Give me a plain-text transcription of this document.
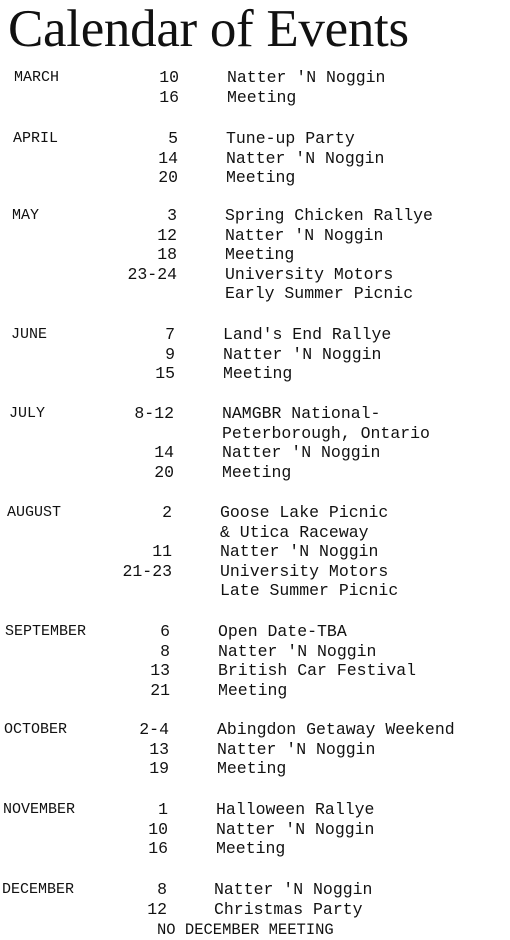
Calendar of Events
MARCH	10	Natter 'N Noggin
16	Meeting
APRIL	5	Tune-up Party
14	Natter 'N Noggin
20	Meeting
MAY	3	Spring Chicken Rallye
12	Natter 'N Noggin
18	Meeting
23-24	University Motors
Early Summer Picnic
JUNE	7	Land's End Rallye
9	Natter 'N Noggin
15	Meeting
JULY	8-12	NAMGBR National-
Peterborough, Ontario
14	Natter 'N Noggin
20	Meeting
AUGUST	2	Goose Lake Picnic
& Utica Raceway
11	Natter 'N Noggin
21-23	University Motors
Late Summer Picnic
SEPTEMBER	6	Open Date-TBA
8	Natter 'N Noggin
13	British Car Festival
21	Meeting
OCTOBER	2-4	Abingdon Getaway Weekend
13	Natter 'N Noggin
19	Meeting
NOVEMBER	1	Halloween Rallye
10	Natter 'N Noggin
16	Meeting
DECEMBER	8	Natter 'N Noggin
12	Christmas Party
NO DECEMBER MEETING
